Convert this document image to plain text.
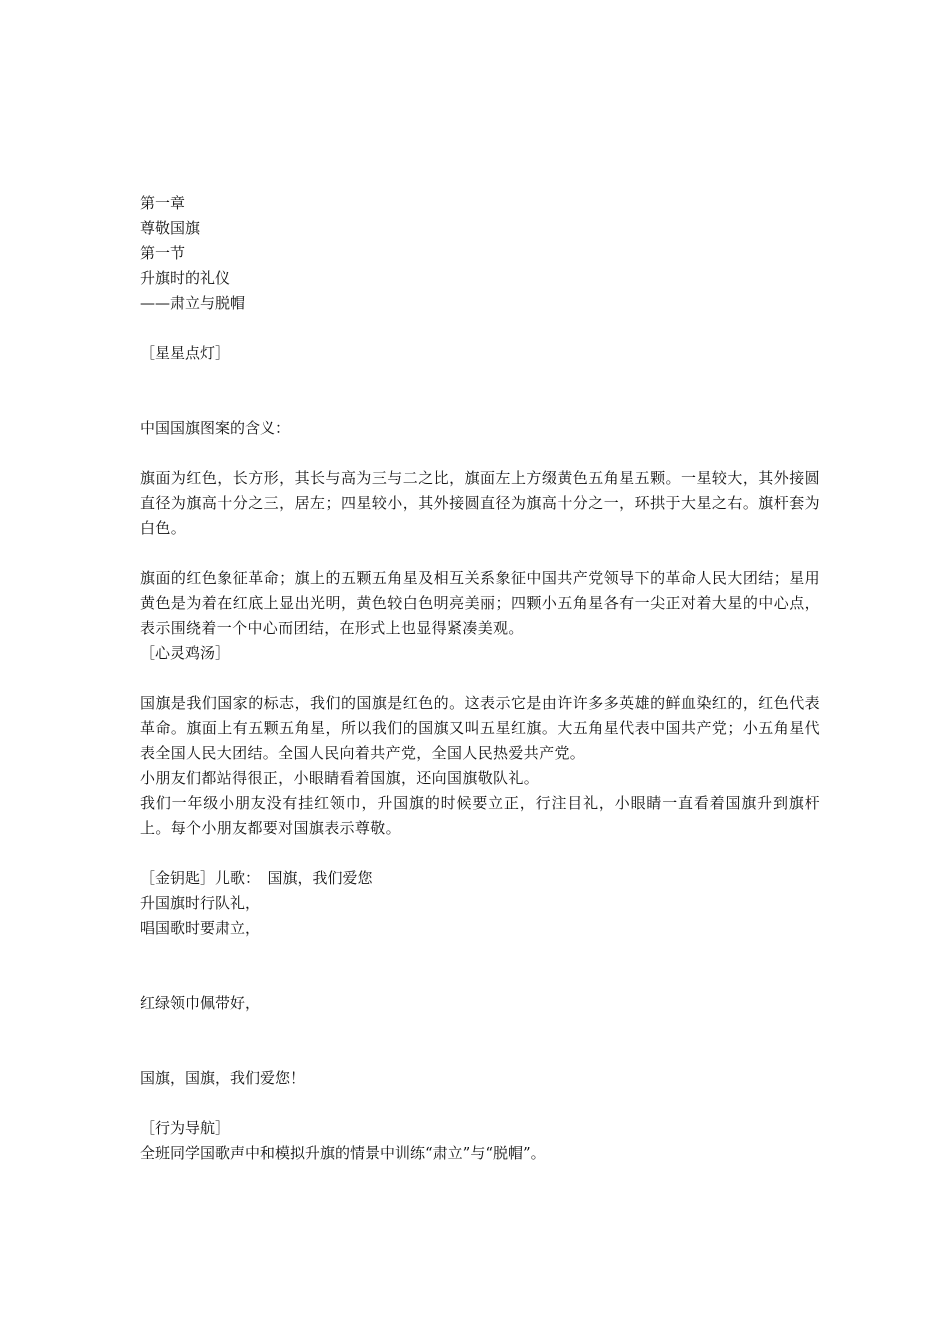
第一章
尊敬国旗
第一节
升旗时的礼仪
——肃立与脱帽
［星星点灯］
中国国旗图案的含义：
旗面为红色，长方形，其长与高为三与二之比，旗面左上方缀黄色五角星五颗。一星较大，其外接圆直径为旗高十分之三，居左；四星较小，其外接圆直径为旗高十分之一，环拱于大星之右。旗杆套为白色。
旗面的红色象征革命；旗上的五颗五角星及相互关系象征中国共产党领导下的革命人民大团结；星用黄色是为着在红底上显出光明，黄色较白色明亮美丽；四颗小五角星各有一尖正对着大星的中心点，表示围绕着一个中心而团结，在形式上也显得紧凑美观。
［心灵鸡汤］
国旗是我们国家的标志，我们的国旗是红色的。这表示它是由许许多多英雄的鲜血染红的，红色代表革命。旗面上有五颗五角星，所以我们的国旗又叫五星红旗。大五角星代表中国共产党；小五角星代表全国人民大团结。全国人民向着共产党，全国人民热爱共产党。
小朋友们都站得很正，小眼睛看着国旗，还向国旗敬队礼。
我们一年级小朋友没有挂红领巾，升国旗的时候要立正，行注目礼，小眼睛一直看着国旗升到旗杆上。每个小朋友都要对国旗表示尊敬。
［金钥匙］儿歌：　国旗，我们爱您
升国旗时行队礼，
唱国歌时要肃立，
红绿领巾佩带好，
国旗，国旗，我们爱您！
［行为导航］
全班同学国歌声中和模拟升旗的情景中训练“肃立”与“脱帽”。
